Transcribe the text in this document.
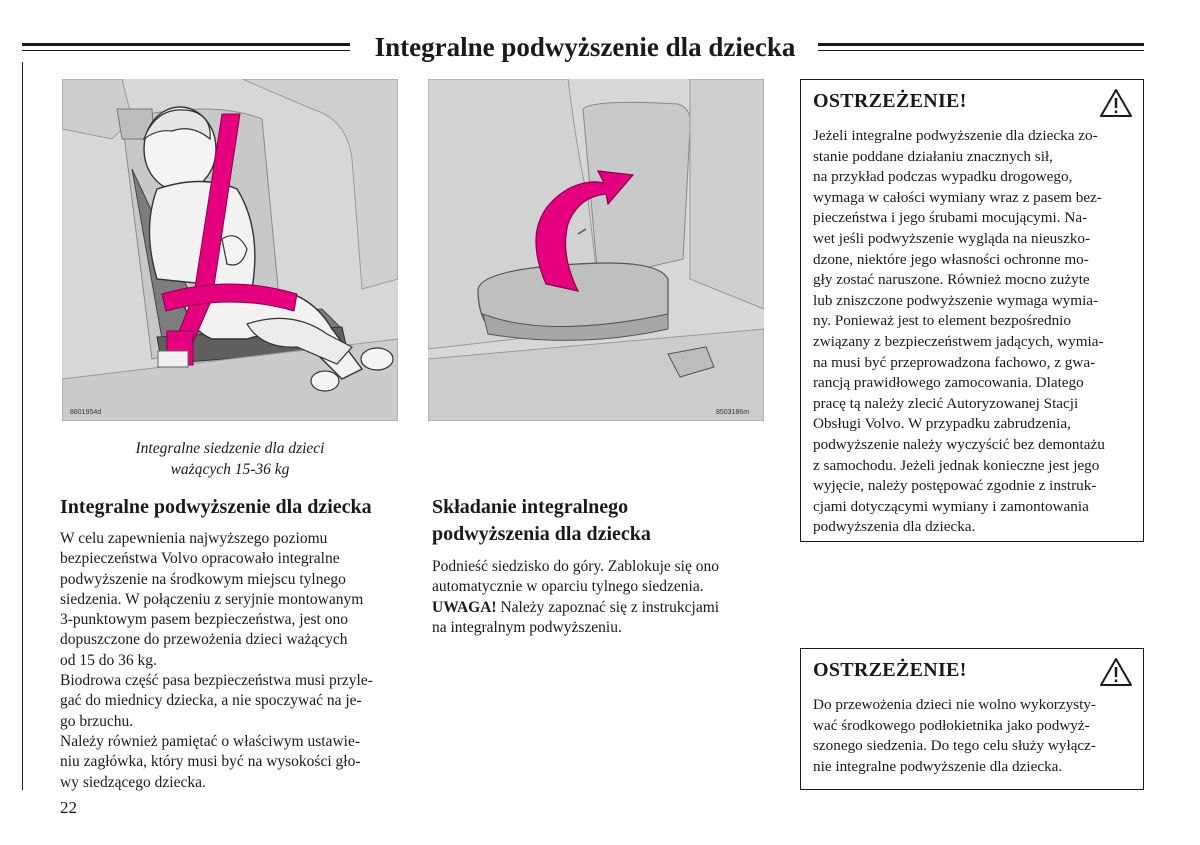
Integralne podwyższenie dla dziecka
8801954d	8503186m
Integralne siedzenie dla dzieci
ważących 15-36 kg
Integralne podwyższenie dla dziecka

W celu zapewnienia najwyższego poziomu

bezpieczeństwa Volvo opracowało integralne

podwyższenie na środkowym miejscu tylnego

siedzenia. W połączeniu z seryjnie montowanym

3-punktowym pasem bezpieczeństwa, jest ono

dopuszczone do przewożenia dzieci ważących

od 15 do 36 kg.

Biodrowa część pasa bezpieczeństwa musi przyle-

gać do miednicy dziecka, a nie spoczywać na je-

go brzuchu.

Należy również pamiętać o właściwym ustawie-

niu zagłówka, który musi być na wysokości gło-

wy siedzącego dziecka.

Składanie integralnego
podwyższenia dla dziecka

Podnieść siedzisko do góry. Zablokuje się ono

automatycznie w oparciu tylnego siedzenia.

UWAGA! Należy zapoznać się z instrukcjami

na integralnym podwyższeniu.

OSTRZEŻENIE!
Jeżeli integralne podwyższenie dla dziecka zo-
stanie poddane działaniu znacznych sił,
na przykład podczas wypadku drogowego,
wymaga w całości wymiany wraz z pasem bez-
pieczeństwa i jego śrubami mocującymi. Na-
wet jeśli podwyższenie wygląda na nieuszko-
dzone, niektóre jego własności ochronne mo-
gły zostać naruszone. Również mocno zużyte
lub zniszczone podwyższenie wymaga wymia-
ny. Ponieważ jest to element bezpośrednio
związany z bezpieczeństwem jadących, wymia-
na musi być przeprowadzona fachowo, z gwa-
rancją prawidłowego zamocowania. Dlatego
pracę tą należy zlecić Autoryzowanej Stacji
Obsługi Volvo. W przypadku zabrudzenia,
podwyższenie należy wyczyścić bez demontażu
z samochodu. Jeżeli jednak konieczne jest jego
wyjęcie, należy postępować zgodnie z instruk-
cjami dotyczącymi wymiany i zamontowania
podwyższenia dla dziecka.
OSTRZEŻENIE!
Do przewożenia dzieci nie wolno wykorzysty-
wać środkowego podłokietnika jako podwyż-
szonego siedzenia. Do tego celu służy wyłącz-
nie integralne podwyższenie dla dziecka.
22
